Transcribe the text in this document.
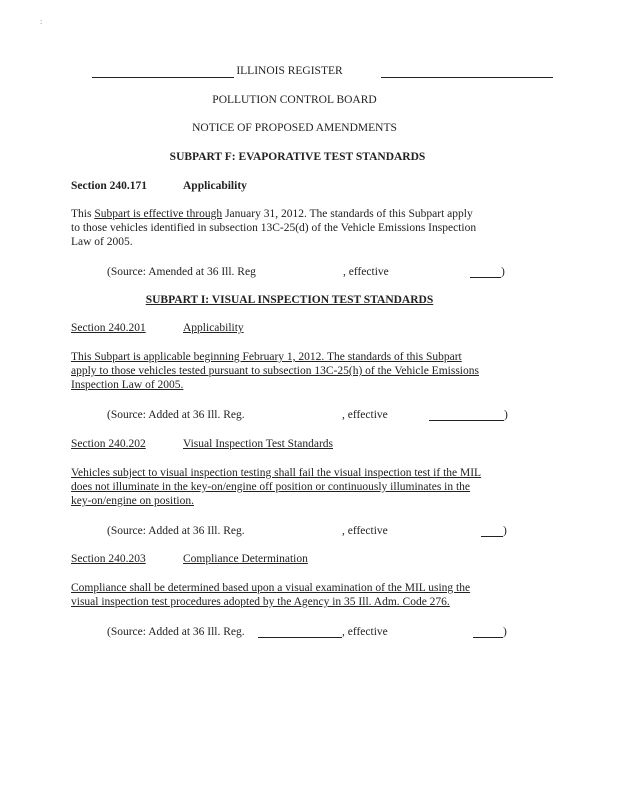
:
ILLINOIS REGISTER
POLLUTION CONTROL BOARD
NOTICE OF PROPOSED AMENDMENTS
SUBPART F: EVAPORATIVE TEST STANDARDS
Section 240.171	Applicability
This Subpart is effective through January 31, 2012. The standards of this Subpart apply
to those vehicles identified in subsection 13C-25(d) of the Vehicle Emissions Inspection
Law of 2005.
(Source: Amended at 36 Ill. Reg	, effective	)
SUBPART I: VISUAL INSPECTION TEST STANDARDS
Section 240.201	Applicability
This Subpart is applicable beginning February 1, 2012. The standards of this Subpart
apply to those vehicles tested pursuant to subsection 13C-25(h) of the Vehicle Emissions
Inspection Law of 2005.
(Source: Added at 36 Ill. Reg.	, effective	)
Section 240.202	Visual Inspection Test Standards
Vehicles subject to visual inspection testing shall fail the visual inspection test if the MIL
does not illuminate in the key-on/engine off position or continuously illuminates in the
key-on/engine on position.
(Source: Added at 36 Ill. Reg.	, effective	)
Section 240.203	Compliance Determination
Compliance shall be determined based upon a visual examination of the MIL using the
visual inspection test procedures adopted by the Agency in 35 Ill. Adm. Code 276.
(Source: Added at 36 Ill. Reg.	, effective	)
